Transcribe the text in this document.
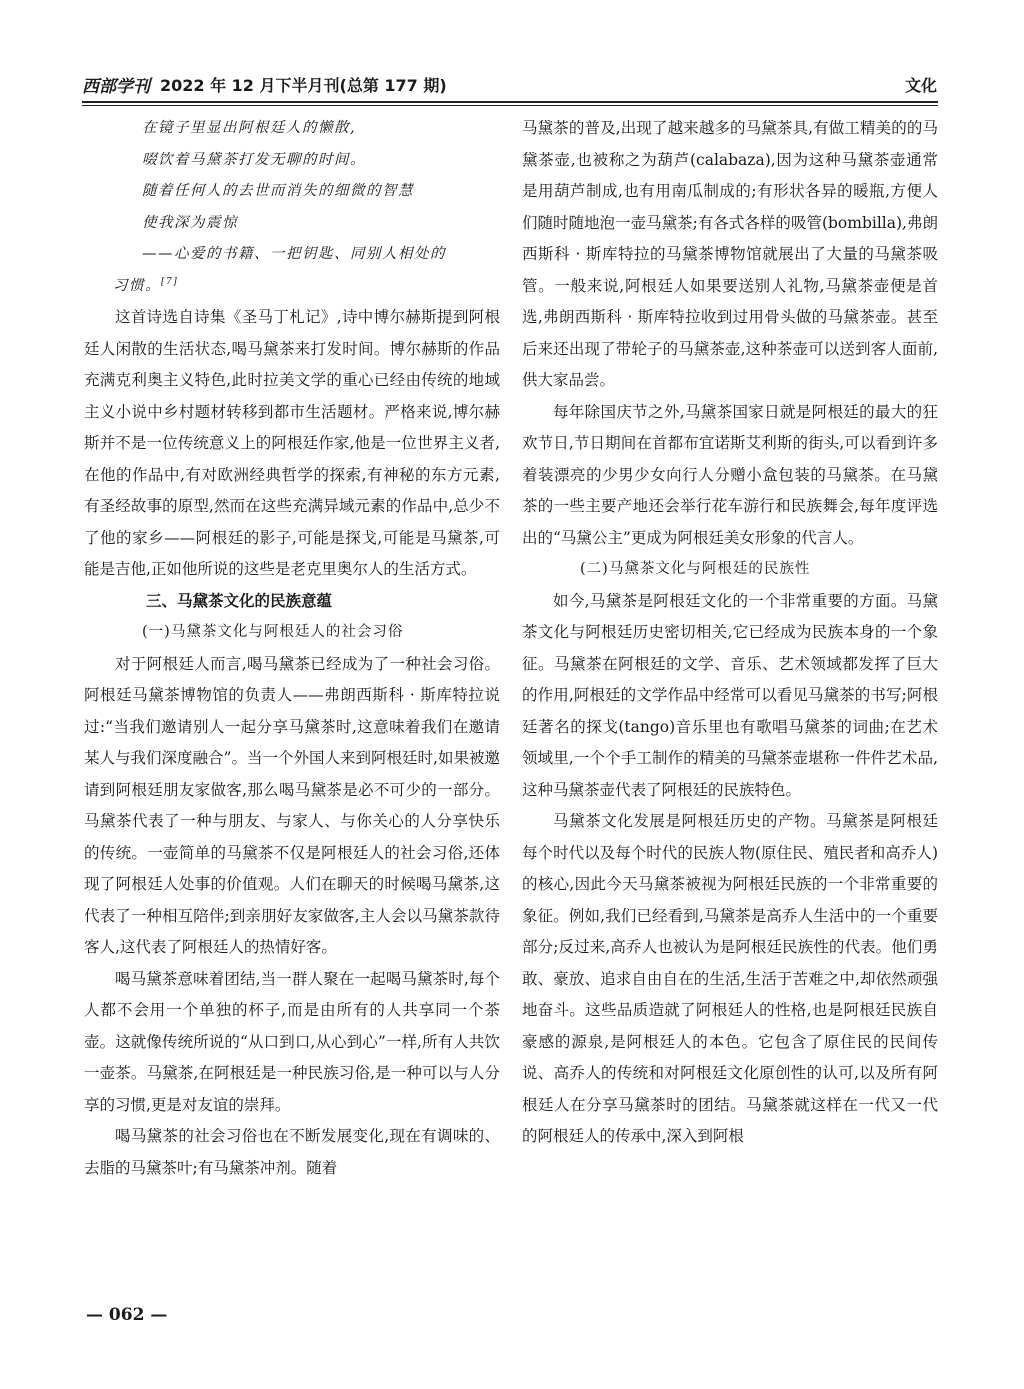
西部学刊 2022 年 12 月下半月刊(总第 177 期)	文化

在镜子里显出阿根廷人的懒散,

啜饮着马黛茶打发无聊的时间。

随着任何人的去世而消失的细微的智慧

使我深为震惊

——心爱的书籍、一把钥匙、同别人相处的

习惯。[7]

这首诗选自诗集《圣马丁札记》,诗中博尔赫斯提到阿根廷人闲散的生活状态,喝马黛茶来打发时间。博尔赫斯的作品充满克利奥主义特色,此时拉美文学的重心已经由传统的地域主义小说中乡村题材转移到都市生活题材。严格来说,博尔赫斯并不是一位传统意义上的阿根廷作家,他是一位世界主义者,在他的作品中,有对欧洲经典哲学的探索,有神秘的东方元素,有圣经故事的原型,然而在这些充满异域元素的作品中,总少不了他的家乡——阿根廷的影子,可能是探戈,可能是马黛茶,可能是吉他,正如他所说的这些是老克里奥尔人的生活方式。

三、马黛茶文化的民族意蕴

(一)马黛茶文化与阿根廷人的社会习俗

对于阿根廷人而言,喝马黛茶已经成为了一种社会习俗。阿根廷马黛茶博物馆的负责人——弗朗西斯科 · 斯库特拉说过:“当我们邀请别人一起分享马黛茶时,这意味着我们在邀请某人与我们深度融合”。当一个外国人来到阿根廷时,如果被邀请到阿根廷朋友家做客,那么喝马黛茶是必不可少的一部分。马黛茶代表了一种与朋友、与家人、与你关心的人分享快乐的传统。一壶简单的马黛茶不仅是阿根廷人的社会习俗,还体现了阿根廷人处事的价值观。人们在聊天的时候喝马黛茶,这代表了一种相互陪伴;到亲朋好友家做客,主人会以马黛茶款待客人,这代表了阿根廷人的热情好客。

喝马黛茶意味着团结,当一群人聚在一起喝马黛茶时,每个人都不会用一个单独的杯子,而是由所有的人共享同一个茶壶。这就像传统所说的“从口到口,从心到心”一样,所有人共饮一壶茶。马黛茶,在阿根廷是一种民族习俗,是一种可以与人分享的习惯,更是对友谊的崇拜。

喝马黛茶的社会习俗也在不断发展变化,现在有调味的、去脂的马黛茶叶;有马黛茶冲剂。随着

马黛茶的普及,出现了越来越多的马黛茶具,有做工精美的的马黛茶壶,也被称之为葫芦(calabaza),因为这种马黛茶壶通常是用葫芦制成,也有用南瓜制成的;有形状各异的暖瓶,方便人们随时随地泡一壶马黛茶;有各式各样的吸管(bombilla),弗朗西斯科 · 斯库特拉的马黛茶博物馆就展出了大量的马黛茶吸管。一般来说,阿根廷人如果要送别人礼物,马黛茶壶便是首选,弗朗西斯科 · 斯库特拉收到过用骨头做的马黛茶壶。甚至后来还出现了带轮子的马黛茶壶,这种茶壶可以送到客人面前,供大家品尝。

每年除国庆节之外,马黛茶国家日就是阿根廷的最大的狂欢节日,节日期间在首都布宜诺斯艾利斯的街头,可以看到许多着装漂亮的少男少女向行人分赠小盒包装的马黛茶。在马黛茶的一些主要产地还会举行花车游行和民族舞会,每年度评选出的“马黛公主”更成为阿根廷美女形象的代言人。

(二)马黛茶文化与阿根廷的民族性

如今,马黛茶是阿根廷文化的一个非常重要的方面。马黛茶文化与阿根廷历史密切相关,它已经成为民族本身的一个象征。马黛茶在阿根廷的文学、音乐、艺术领域都发挥了巨大的作用,阿根廷的文学作品中经常可以看见马黛茶的书写;阿根廷著名的探戈(tango)音乐里也有歌唱马黛茶的词曲;在艺术领域里,一个个手工制作的精美的马黛茶壶堪称一件件艺术品,这种马黛茶壶代表了阿根廷的民族特色。

马黛茶文化发展是阿根廷历史的产物。马黛茶是阿根廷每个时代以及每个时代的民族人物(原住民、殖民者和高乔人)的核心,因此今天马黛茶被视为阿根廷民族的一个非常重要的象征。例如,我们已经看到,马黛茶是高乔人生活中的一个重要部分;反过来,高乔人也被认为是阿根廷民族性的代表。他们勇敢、豪放、追求自由自在的生活,生活于苦难之中,却依然顽强地奋斗。这些品质造就了阿根廷人的性格,也是阿根廷民族自豪感的源泉,是阿根廷人的本色。它包含了原住民的民间传说、高乔人的传统和对阿根廷文化原创性的认可,以及所有阿根廷人在分享马黛茶时的团结。马黛茶就这样在一代又一代的阿根廷人的传承中,深入到阿根

— 062 —
